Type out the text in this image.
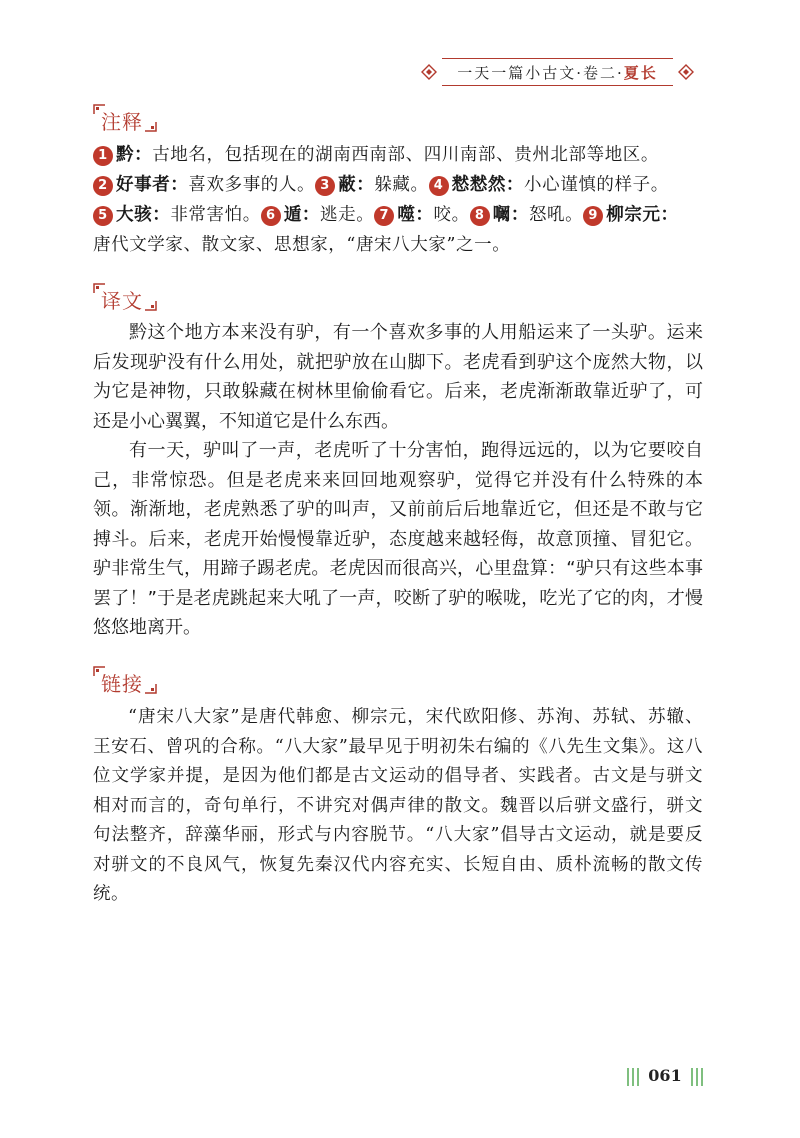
一天一篇小古文·卷二·夏长
注释
1 黔：古地名，包括现在的湖南西南部、四川南部、贵州北部等地区。
2 好事者：喜欢多事的人。 3 蔽：躲藏。 4 慭慭然：小心谨慎的样子。
5 大骇：非常害怕。 6 遁：逃走。 7 噬：咬。 8 㘎：怒吼。 9 柳宗元：
唐代文学家、散文家、思想家，“唐宋八大家”之一。
译文

黔这个地方本来没有驴，有一个喜欢多事的人用船运来了一头驴。运来后发现驴没有什么用处，就把驴放在山脚下。老虎看到驴这个庞然大物，以为它是神物，只敢躲藏在树林里偷偷看它。后来，老虎渐渐敢靠近驴了，可还是小心翼翼，不知道它是什么东西。

有一天，驴叫了一声，老虎听了十分害怕，跑得远远的，以为它要咬自己，非常惊恐。但是老虎来来回回地观察驴，觉得它并没有什么特殊的本领。渐渐地，老虎熟悉了驴的叫声，又前前后后地靠近它，但还是不敢与它搏斗。后来，老虎开始慢慢靠近驴，态度越来越轻侮，故意顶撞、冒犯它。驴非常生气，用蹄子踢老虎。老虎因而很高兴，心里盘算：“驴只有这些本事罢了！”于是老虎跳起来大吼了一声，咬断了驴的喉咙，吃光了它的肉，才慢悠悠地离开。

链接
“唐宋八大家”是唐代韩愈、柳宗元，宋代欧阳修、苏洵、苏轼、苏辙、王安石、曾巩的合称。“八大家”最早见于明初朱右编的《八先生文集》。这八位文学家并提，是因为他们都是古文运动的倡导者、实践者。古文是与骈文相对而言的，奇句单行，不讲究对偶声律的散文。魏晋以后骈文盛行，骈文句法整齐，辞藻华丽，形式与内容脱节。“八大家”倡导古文运动，就是要反对骈文的不良风气，恢复先秦汉代内容充实、长短自由、质朴流畅的散文传统。
061
